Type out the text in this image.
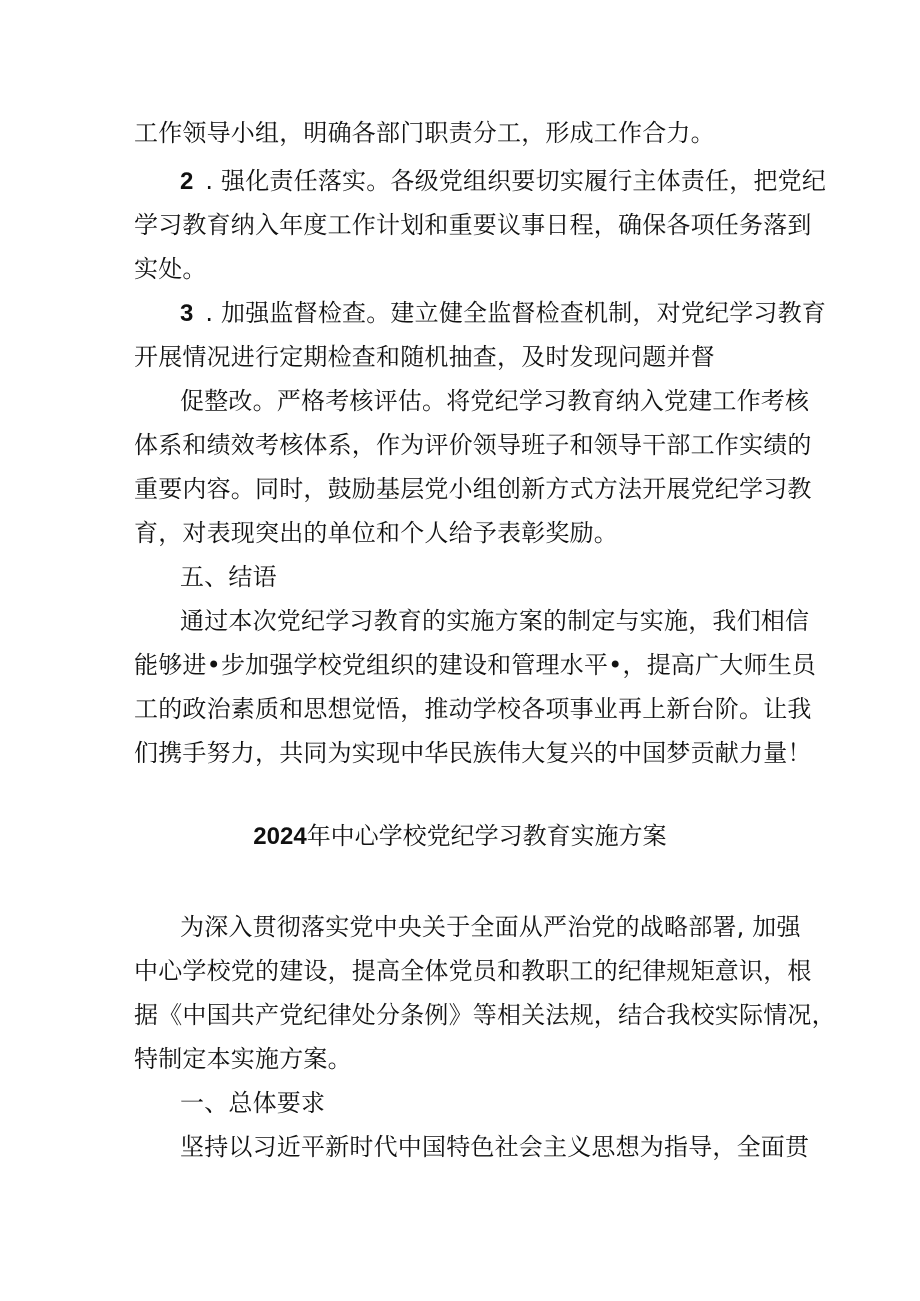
工作领导小组，明确各部门职责分工，形成工作合力。
2 . 强化责任落实。各级党组织要切实履行主体责任，把党纪
学习教育纳入年度工作计划和重要议事日程，确保各项任务落到
实处。
3 . 加强监督检查。建立健全监督检查机制，对党纪学习教育
开展情况进行定期检查和随机抽查，及时发现问题并督
促整改。严格考核评估。将党纪学习教育纳入党建工作考核
体系和绩效考核体系，作为评价领导班子和领导干部工作实绩的
重要内容。同时，鼓励基层党小组创新方式方法开展党纪学习教
育，对表现突出的单位和个人给予表彰奖励。
五、结语
通过本次党纪学习教育的实施方案的制定与实施，我们相信
能够进•步加强学校党组织的建设和管理水平•，提高广大师生员
工的政治素质和思想觉悟，推动学校各项事业再上新台阶。让我
们携手努力，共同为实现中华民族伟大复兴的中国梦贡献力量！
2024年中心学校党纪学习教育实施方案
为深入贯彻落实党中央关于全面从严治党的战略部署, 加强
中心学校党的建设，提高全体党员和教职工的纪律规矩意识，根
据《中国共产党纪律处分条例》等相关法规，结合我校实际情况，
特制定本实施方案。
一、总体要求
坚持以习近平新时代中国特色社会主义思想为指导，全面贯
